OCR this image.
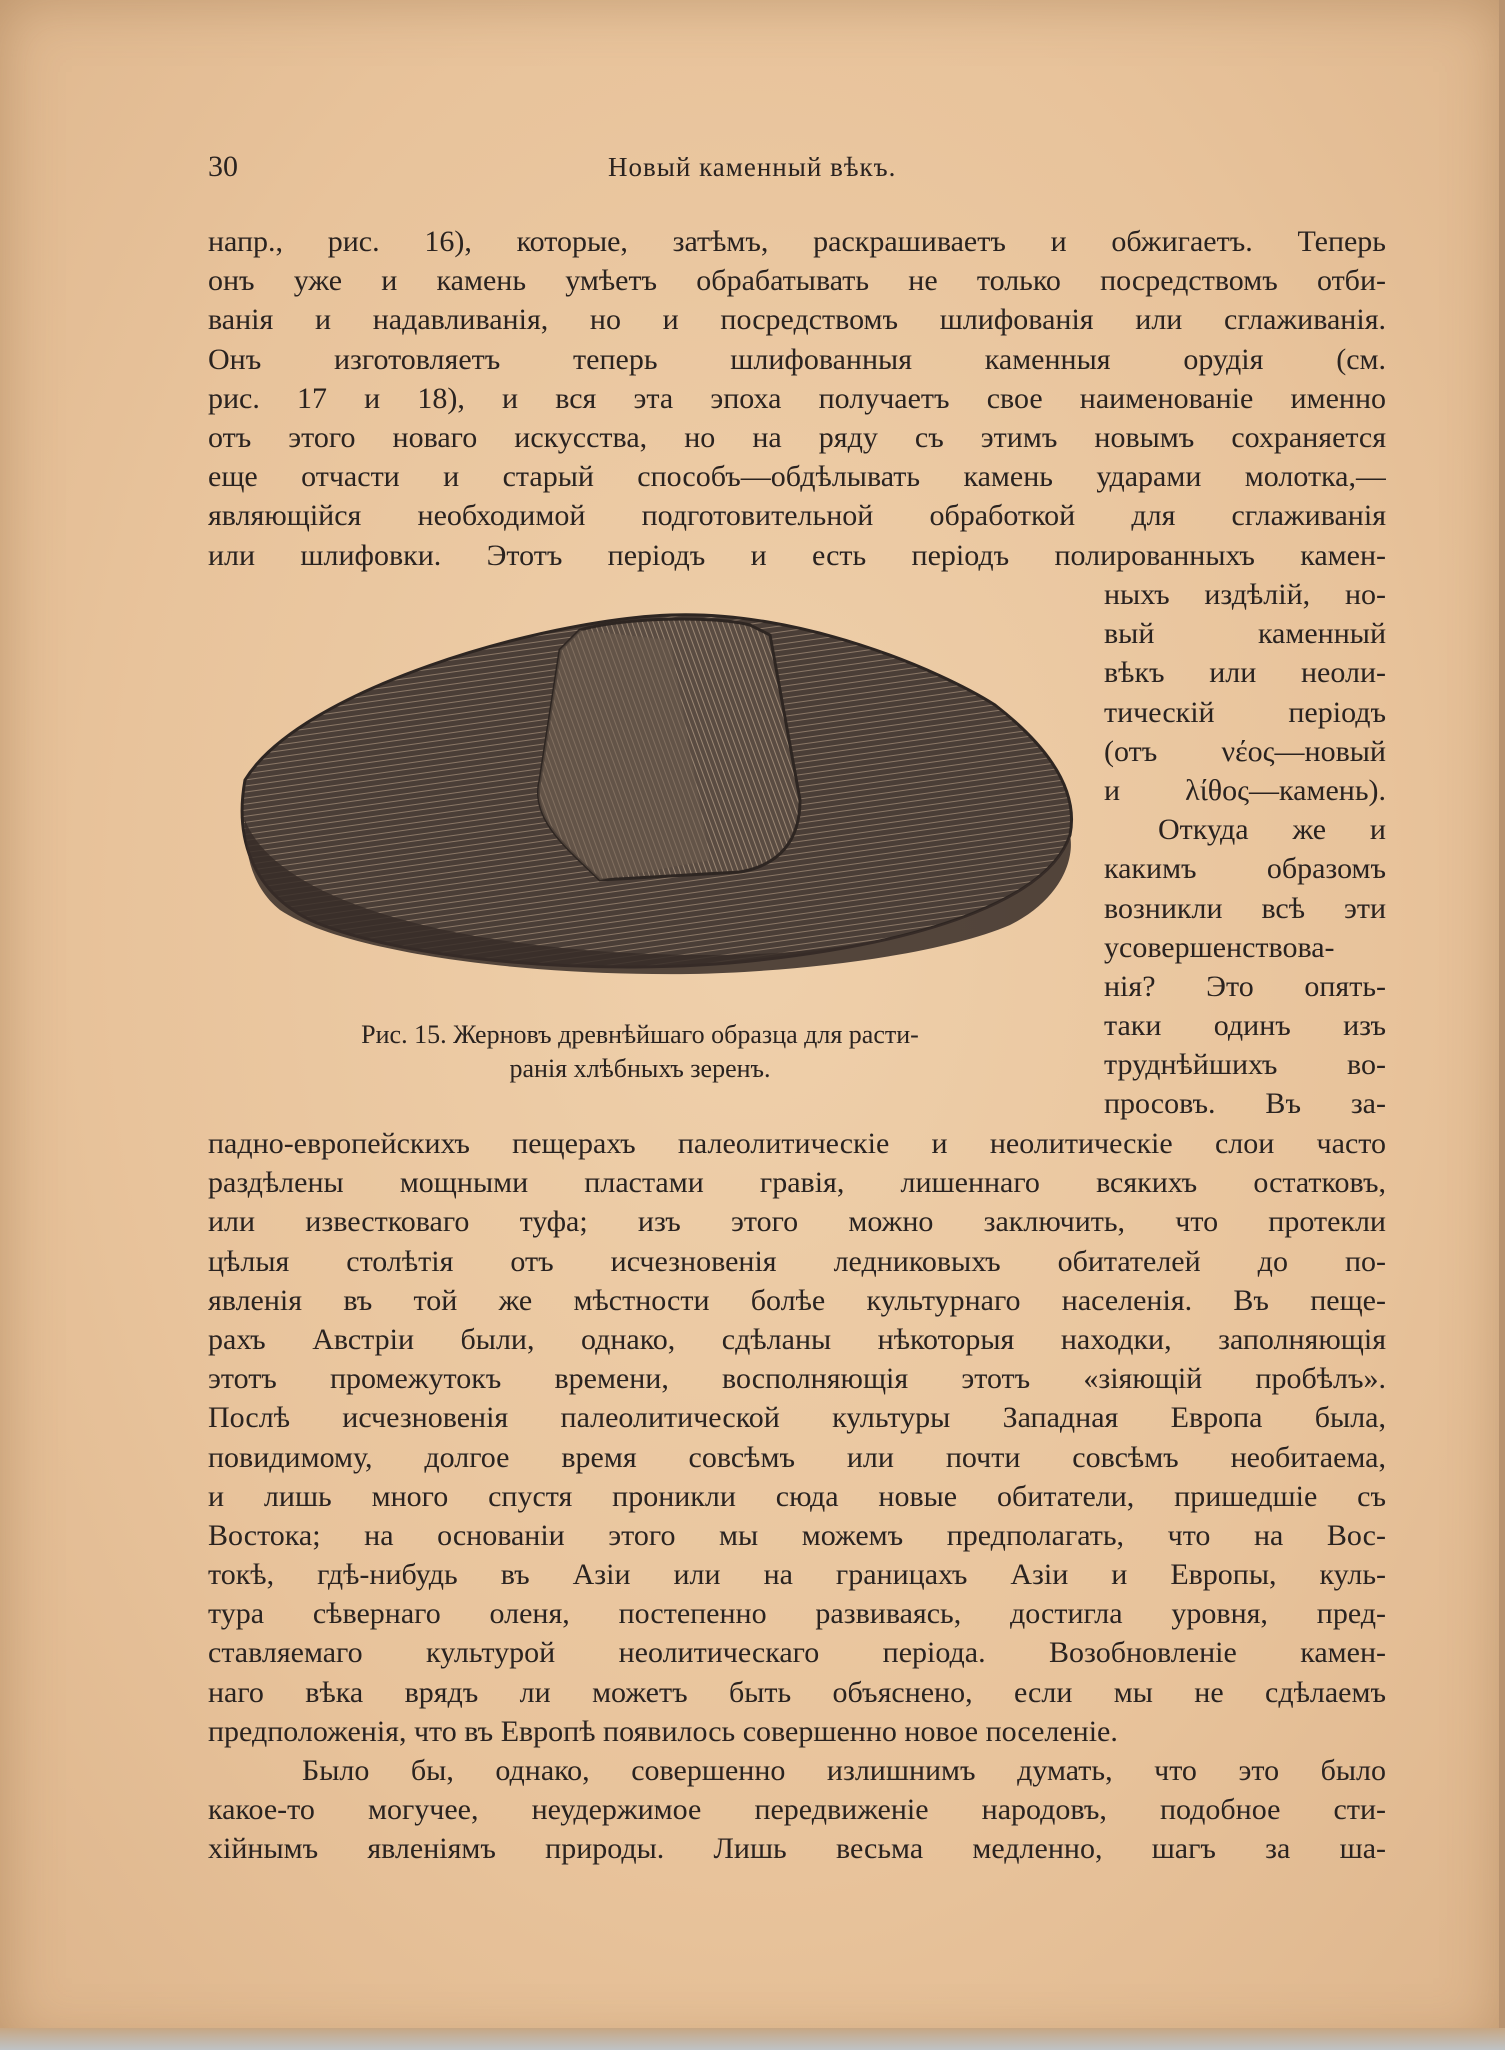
30	Новый каменный вѣкъ.
напр., рис. 16), которые, затѣмъ, раскрашиваетъ и обжигаетъ. Теперь
онъ уже и камень умѣетъ обрабатывать не только посредствомъ отби-
ванія и надавливанія, но и посредствомъ шлифованія или сглаживанія.
Онъ изготовляетъ теперь шлифованныя каменныя орудія (см.
рис. 17 и 18), и вся эта эпоха получаетъ свое наименованіе именно
отъ этого новаго искусства, но на ряду съ этимъ новымъ сохраняется
еще отчасти и старый способъ—обдѣлывать камень ударами молотка,—
являющійся необходимой подготовительной обработкой для сглаживанія
или шлифовки. Этотъ періодъ и есть періодъ полированныхъ камен-
ныхъ издѣлій, но-
вый каменный
вѣкъ или неоли-
тическій періодъ
(отъ νέος—новый
и λίθος—камень).
Откуда же и
какимъ образомъ
возникли всѣ эти
усовершенствова-
нія? Это опять-
таки одинъ изъ
труднѣйшихъ во-
просовъ. Въ за-
Рис. 15. Жерновъ древнѣйшаго образца для расти-
ранія хлѣбныхъ зеренъ.
падно-европейскихъ пещерахъ палеолитическіе и неолитическіе слои часто
раздѣлены мощными пластами гравія, лишеннаго всякихъ остатковъ,
или известковаго туфа; изъ этого можно заключить, что протекли
цѣлыя столѣтія отъ исчезновенія ледниковыхъ обитателей до по-
явленія въ той же мѣстности болѣе культурнаго населенія. Въ пеще-
рахъ Австріи были, однако, сдѣланы нѣкоторыя находки, заполняющія
этотъ промежутокъ времени, восполняющія этотъ «зіяющій пробѣлъ».
Послѣ исчезновенія палеолитической культуры Западная Европа была,
повидимому, долгое время совсѣмъ или почти совсѣмъ необитаема,
и лишь много спустя проникли сюда новые обитатели, пришедшіе съ
Востока; на основаніи этого мы можемъ предполагать, что на Вос-
токѣ, гдѣ-нибудь въ Азіи или на границахъ Азіи и Европы, куль-
тура сѣвернаго оленя, постепенно развиваясь, достигла уровня, пред-
ставляемаго культурой неолитическаго періода. Возобновленіе камен-
наго вѣка врядъ ли можетъ быть объяснено, если мы не сдѣлаемъ
предположенія, что въ Европѣ появилось совершенно новое поселеніе.
Было бы, однако, совершенно излишнимъ думать, что это было
какое-то могучее, неудержимое передвиженіе народовъ, подобное сти-
хійнымъ явленіямъ природы. Лишь весьма медленно, шагъ за ша-
